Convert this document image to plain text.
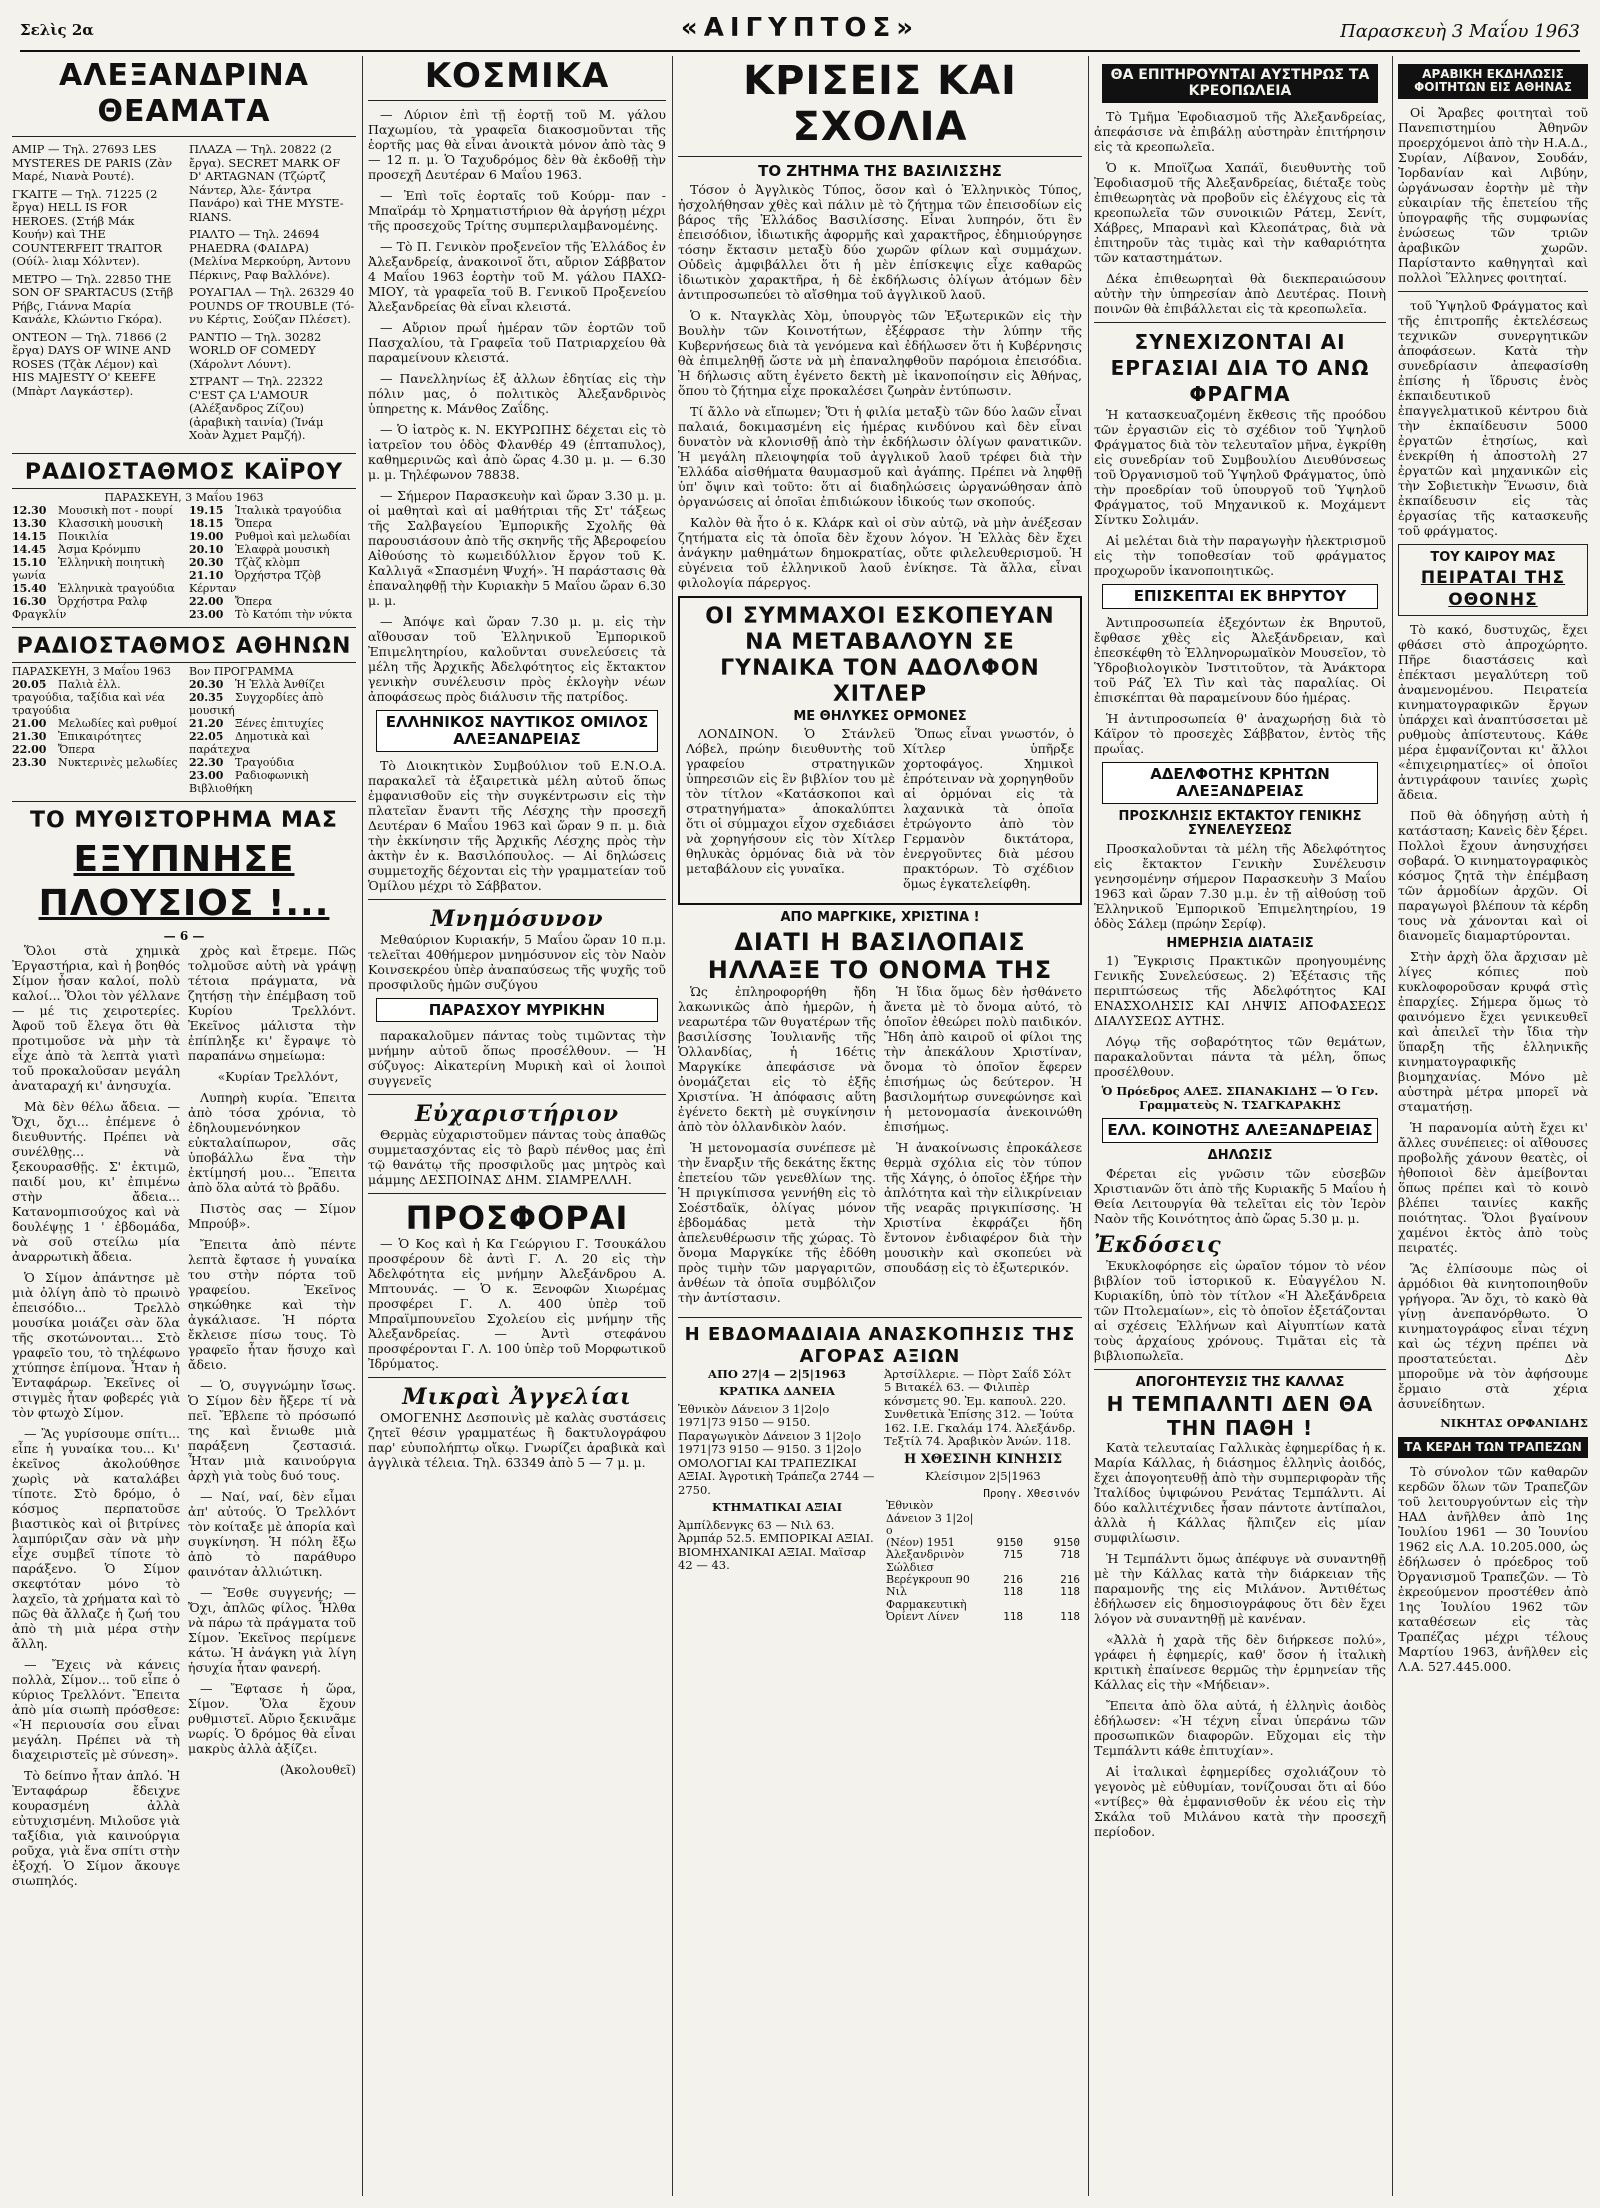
Σελὶς 2α	«ΑΙΓΥΠΤΟΣ»	Παρασκευὴ 3 Μαΐου 1963
ΑΛΕΞΑΝΔΡΙΝΑ ΘΕΑΜΑΤΑ

ΑΜΙΡ — Τηλ. 27693 LES MYSTERES DE PARIS (Ζὰν Μαρέ, Νιανὰ Ρουτέ).

ΓΚΑΙΤΕ — Τηλ. 71225 (2 ἔργα) HELL IS FOR HEROES. (Στήβ Μάκ Κουήν) καὶ THE COUNTERFEIT TRAITOR (Ούίλ- λιαμ Χόλντεν).

ΜΕΤΡΟ — Τηλ. 22850 THE SON OF SPARTACUS (Στῆβ Ρήβς, Γιάννα Μαρία Κανάλε, Κλώντιο Γκόρα).

ΟΝΤΕΟΝ — Τηλ. 71866 (2 ἔργα) DAYS OF WINE AND ROSES (Τζὰκ Λέμον) καὶ HIS MAJESTY O' KEEFE (Μπὰρτ Λαγκάστερ).

ΠΛΑΖΑ — Τηλ. 20822 (2 ἔργα). SECRET MARK OF D' ARTAGNAN (Τζώρτζ Νάντερ, Ἀλε- ξάντρα Πανάρο) καὶ THE MYSTE- RIANS.

ΡΙΑΛΤΟ — Τηλ. 24694 PHAEDRA (ΦΑΙΔΡΑ) (Μελίνα Μερκούρη, Ἀντονυ Πέρκινς, Ραφ Βαλλόνε).

ΡΟΥΑΓΙΑΛ — Τηλ. 26329 40 POUNDS OF TROUBLE (Τό- νυ Κέρτις, Σούζαν Πλέσετ).

ΡΑΝΤΙΟ — Τηλ. 30282 WORLD OF COMEDY (Χάρολντ Λόυντ).

ΣΤΡΑΝΤ — Τηλ. 22322 C'EST ÇA L'AMOUR (Αλέξανδρος Ζίζου) (ἀραβικὴ ταινία) (Ἰνάμ Χοὰν Ἀχμετ Ραμζή).

ΡΑΔΙΟΣΤΑΘΜΟΣ ΚΑΪΡΟΥ
ΠΑΡΑΣΚΕΥΗ, 3 Μαΐου 1963
12.30 Μουσικὴ ποτ - πουρί
13.30 Κλασσικὴ μουσικὴ
14.15 Ποικιλία
14.45 Ἀσμα Κρόνμπυ
15.10 Ἑλληνικὴ ποιητικὴ γωνία
15.40 Ἑλληνικὰ τραγούδια
16.30 Ὀρχήστρα Ραλφ Φραγκλίν
19.15 Ἰταλικὰ τραγούδια
18.15 Ὄπερα
19.00 Ρυθμοὶ καὶ μελωδίαι
20.10 Ἐλαφρὰ μουσικὴ
20.30 Τζὰζ κλὸμπ
21.10 Ὀρχήστρα Τζὸβ Κέρνταν
22.00 Ὄπερα
23.00 Τὸ Κατόπι τὴν νύκτα
ΡΑΔΙΟΣΤΑΘΜΟΣ ΑΘΗΝΩΝ
ΠΑΡΑΣΚΕΥΗ, 3 Μαΐου 1963	Βον ΠΡΟΓΡΑΜΜΑ
20.05 Παλιὰ ἑλλ. τραγούδια, ταξίδια καὶ νέα τραγούδια
21.00 Μελωδίες καὶ ρυθμοί
21.30 Ἐπικαιρότητες
22.00 Ὄπερα
23.30 Νυκτερινὲς μελωδίες
20.30 Ἡ Ἑλλὰ Ἀνθίζει
20.35 Συγχορδίες ἀπὸ μουσική
21.20 Ξένες ἐπιτυχίες
22.05 Δημοτικὰ καὶ παράτεχνα
22.30 Τραγούδια
23.00 Ραδιοφωνικὴ Βιβλιοθήκη
ΤΟ ΜΥΘΙΣΤΟΡΗΜΑ ΜΑΣ
ΕΞΥΠΝΗΣΕ ΠΛΟΥΣΙΟΣ !...
— 6 —

Ὅλοι στὰ χημικὰ Ἐργαστήρια, καὶ ἡ βοηθός Σίμον ἦσαν καλοί, πολὺ καλοί... Ὅλοι τὸν γέλλανε — μέ τις χειροτερίες. Ἀφοῦ τοῦ ἔλεγα ὅτι θὰ προτιμοῦσε νὰ μὴν τὰ εἶχε ἀπὸ τὰ λεπτὰ γιατὶ τοῦ προκαλοῦσαν μεγάλη ἀναταραχή κι' ἀνησυχία.

Μὰ δὲν θέλω ἄδεια. — Ὄχι, ὄχι... ἐπέμενε ὁ διευθυντής. Πρέπει νὰ συνέλθῃς... νὰ ξεκουρασθῇς. Σ' ἐκτιμῶ, παιδί μου, κι' ἐπιμένω στὴν ἄδεια... Κατανομπισούχος καὶ νὰ δουλέψῃς 1 ' ἐβδομάδα, νὰ σοῦ στείλω μία ἀναρρωτικὴ ἄδεια.

Ὁ Σίμον ἀπάντησε μὲ μιὰ ὀλίγη ἀπὸ τὸ πρωινὸ ἐπεισόδιο... Τρελλὸ μουσίκα μοιάζει σὰν ὅλα τῆς σκοτώνονται... Στὸ γραφεῖο του, τὸ τηλέφωνο χτύπησε ἐπίμονα. Ἦταν ἡ Ἐνταφάρωρ. Ἐκεῖνες οἱ στιγμὲς ἦταν φοβερές γιὰ τὸν φτωχὸ Σίμον.

— Ἂς γυρίσουμε σπίτι... εἶπε ἡ γυναίκα του... Κι' ἐκεῖνος ἀκολούθησε χωρὶς νὰ καταλάβει τίποτε. Στὸ δρόμο, ὁ κόσμος περπατοῦσε βιαστικὸς καὶ οἱ βιτρίνες λαμπύριζαν σὰν νὰ μὴν εἶχε συμβεῖ τίποτε τὸ παράξενο. Ὁ Σίμον σκεφτόταν μόνο τὸ λαχεῖο, τὰ χρήματα καὶ τὸ πῶς θὰ ἄλλαζε ἡ ζωή του ἀπὸ τὴ μιὰ μέρα στὴν ἄλλη.

— Ἔχεις νὰ κάνεις πολλὰ, Σίμον... τοῦ εἶπε ὁ κύριος Τρελλόντ. Ἔπειτα ἀπὸ μία σιωπὴ πρόσθεσε: «Ἡ περιουσία σου εἶναι μεγάλη. Πρέπει νὰ τὴ διαχειριστεῖς μὲ σύνεση».

Τὸ δείπνο ἦταν ἀπλό. Ἡ Ἐνταφάρωρ ἔδειχνε κουρασμένη ἀλλὰ εὐτυχισμένη. Μιλοῦσε γιὰ ταξίδια, γιὰ καινούργια ροῦχα, γιὰ ἕνα σπίτι στὴν ἐξοχή. Ὁ Σίμον ἄκουγε σιωπηλός.

χρὸς καὶ ἔτρεμε. Πῶς τολμοῦσε αὐτὴ νὰ γράψῃ τέτοια πράγματα, νὰ ζητήσῃ τὴν ἐπέμβαση τοῦ Κυρίου Τρελλόντ. Ἐκεῖνος μάλιστα τὴν ἐπίπληξε κι' ἔγραψε τὸ παραπάνω σημείωμα:

«Κυρίαν Τρελλόντ,

Λυπηρὴ κυρία. Ἔπειτα ἀπὸ τόσα χρόνια, τὸ ἐδηλουμενόνηκον εὐκταλαίπωρον, σᾶς ὑποβάλλω ἕνα τὴν ἐκτίμησή μου... Ἔπειτα ἀπὸ ὅλα αὐτά τὸ βρᾶδυ.

Πιστὸς σας — Σίμον Μπρούβ».

Ἔπειτα ἀπὸ πέντε λεπτὰ ἔφτασε ἡ γυναίκα του στὴν πόρτα τοῦ γραφείου. Ἐκεῖνος σηκώθηκε καὶ τὴν ἀγκάλιασε. Ἡ πόρτα ἔκλεισε πίσω τους. Τὸ γραφεῖο ἦταν ἥσυχο καὶ ἄδειο.

— Ὁ, συγγνώμην ἴσως. Ὁ Σίμον δὲν ἤξερε τί νὰ πεῖ. Ἔβλεπε τὸ πρόσωπό της καὶ ἔνιωθε μιὰ παράξενη ζεστασιά. Ἦταν μιὰ καινούργια ἀρχὴ γιὰ τοὺς δυό τους.

— Ναί, ναί, δὲν εἶμαι ἀπ' αὐτούς. Ὁ Τρελλόντ τὸν κοίταξε μὲ ἀπορία καὶ συγκίνηση. Ἡ πόλη ἔξω ἀπὸ τὸ παράθυρο φαινόταν ἀλλιώτικη.

— Ἔσθε συγγενής; — Ὄχι, ἀπλῶς φίλος. Ἦλθα νὰ πάρω τὰ πράγματα τοῦ Σίμον. Ἐκεῖνος περίμενε κάτω. Ἡ ἀνάγκη γιὰ λίγη ἡσυχία ἦταν φανερή.

— Ἔφτασε ἡ ὥρα, Σίμον. Ὅλα ἔχουν ρυθμιστεῖ. Αὔριο ξεκινᾶμε νωρίς. Ὁ δρόμος θὰ εἶναι μακρὺς ἀλλὰ ἀξίζει.

(Ἀκολουθεῖ)

ΚΟΣΜΙΚΑ

— Λύριον ἐπὶ τῇ ἑορτῇ τοῦ Μ. γάλου Παχωμίου, τὰ γραφεῖα διακοσμοῦνται τῆς ἑορτῆς μας θὰ εἶναι ἀνοικτὰ μόνον ἀπὸ τὰς 9 — 12 π. μ. Ὁ Ταχυδρόμος δὲν θὰ ἐκδοθῇ τὴν προσεχῆ Δευτέραν 6 Μαΐου 1963.

— Ἐπὶ τοῖς ἑορταῖς τοῦ Κούρμ- παν - Μπαϊράμ τὸ Χρηματιστήριον θὰ ἀργήσῃ μέχρι τῆς προσεχοῦς Τρίτης συμπεριλαμβανομένης.

— Τὸ Π. Γενικὸν προξενεῖον τῆς Ἑλλάδος ἐν Ἀλεξανδρείᾳ, ἀνακοινοῖ ὅτι, αὔριον Σάββατον 4 Μαΐου 1963 ἑορτὴν τοῦ Μ. γάλου ΠΑΧΩ- ΜΙΟΥ, τὰ γραφεῖα τοῦ Β. Γενικοῦ Προξενείου Ἀλεξανδρείας θὰ εἶναι κλειστά.

— Αὔριον πρωΐ ἡμέραν τῶν ἑορτῶν τοῦ Πασχαλίου, τὰ Γραφεῖα τοῦ Πατριαρχείου θὰ παραμείνουν κλειστά.

— Πανελληνίως ἐξ ἀλλων ἐδητίας εἰς τὴν πόλιν μας, ὁ πολιτικὸς Ἀλεξανδρινὸς ὑπηρετης κ. Μάνθος Ζαΐδης.

— Ὁ ἰατρὸς κ. Ν. ΕΚΥΡΩΠΗΣ δέχεται εἰς τὸ ἰατρεῖον του ὁδὸς Φλανθέρ 49 (ἑπταπυλος), καθημερινῶς καὶ ἀπὸ ὥρας 4.30 μ. μ. — 6.30 μ. μ. Τηλέφωνον 78838.

— Σήμερον Παρασκευὴν καὶ ὥραν 3.30 μ. μ. οἱ μαθηταὶ καὶ αἱ μαθήτριαι τῆς Στ' τάξεως τῆς Σαλβαγείου Ἐμπορικῆς Σχολῆς θὰ παρουσιάσουν ἀπὸ τῆς σκηνῆς τῆς Ἀβεροφείου Αἰθούσης τὸ κωμειδύλλιον ἔργον τοῦ Κ. Καλλιγᾶ «Σπασμένη Ψυχή». Ἡ παράστασις θὰ ἐπαναληφθῇ τὴν Κυριακὴν 5 Μαΐου ὥραν 6.30 μ. μ.

— Ἀπόψε καὶ ὥραν 7.30 μ. μ. εἰς τὴν αἴθουσαν τοῦ Ἑλληνικοῦ Ἐμπορικοῦ Ἐπιμελητηρίου, καλοῦνται συνελεύσεις τὰ μέλη τῆς Ἀρχικῆς Ἀδελφότητος εἰς ἔκτακτον γενικὴν συνέλευσιν πρὸς ἐκλογὴν νέων ἀποφάσεως πρὸς διάλυσιν τῆς πατρίδος.

ΕΛΛΗΝΙΚΟΣ ΝΑΥΤΙΚΟΣ ΟΜΙΛΟΣ ΑΛΕΞΑΝΔΡΕΙΑΣ

Τὸ Διοικητικὸν Συμβούλιον τοῦ Ε.Ν.Ο.Α. παρακαλεῖ τὰ ἐξαιρετικὰ μέλη αὐτοῦ ὅπως ἐμφανισθοῦν εἰς τὴν συγκέντρωσιν εἰς τὴν πλατεῖαν ἔναντι τῆς Λέσχης τὴν προσεχῆ Δευτέραν 6 Μαΐου 1963 καὶ ὥραν 9 π. μ. διὰ τὴν ἐκκίνησιν τῆς Ἀρχικῆς Λέσχης πρὸς τὴν ἀκτὴν ἐν κ. Βασιλόπουλος. — Αἱ δηλώσεις συμμετοχῆς δέχονται εἰς τὴν γραμματείαν τοῦ Ὁμίλου μέχρι τὸ Σάββατον.

Μνημόσυνον

Μεθαύριον Κυριακήν, 5 Μαΐου ὥραν 10 π.μ. τελεῖται 40θήμερον μνημόσυνον εἰς τὸν Ναὸν Κοινσεκρέου ὑπὲρ ἀναπαύσεως τῆς ψυχῆς τοῦ προσφιλοῦς ἡμῶν συζύγου

ΠΑΡΑΣΧΟΥ ΜΥΡΙΚΗΝ

παρακαλοῦμεν πάντας τοὺς τιμῶντας τὴν μνήμην αὐτοῦ ὅπως προσέλθουν. — Ἡ σύζυγος: Αἰκατερίνη Μυρικὴ καὶ οἱ λοιποὶ συγγενεῖς

Εὐχαριστήριον

Θερμὰς εὐχαριστοῦμεν πάντας τοὺς ἀπαθῶς συμμετασχόντας εἰς τὸ βαρὺ πένθος μας ἐπὶ τῷ θανάτῳ τῆς προσφιλοῦς μας μητρὸς καὶ μάμμης ΔΕΣΠΟΙΝΑΣ ΔΗΜ. ΣΙΑΜΡΕΛΛΗ.

ΠΡΟΣΦΟΡΑΙ

— Ὁ Κος καὶ ἡ Κα Γεώργιου Γ. Τσουκάλου προσφέρουν δὲ ἀντὶ Γ. Λ. 20 εἰς τὴν Ἀδελφότητα εἰς μνήμην Ἀλεξάνδρου Α. Μπτουνάς. — Ὁ κ. Ξενοφῶν Χιωρέμας προσφέρει Γ. Λ. 400 ὑπὲρ τοῦ Μπραϊμπουνεῖου Σχολείου εἰς μνήμην τῆς Ἀλεξανδρείας. — Ἀντὶ στεφάνου προσφέρονται Γ. Λ. 100 ὑπὲρ τοῦ Μορφωτικοῦ Ἰδρύματος.

Μικραὶ Ἀγγελίαι

ΟΜΟΓΕΝΗΣ Δεσποινὶς μὲ καλὰς συστάσεις ζητεῖ θέσιν γραμματέως ἢ δακτυλογράφου παρ' εὐυπολήπτῳ οἴκῳ. Γνωρίζει ἀραβικὰ καὶ ἀγγλικὰ τέλεια. Τηλ. 63349 ἀπὸ 5 — 7 μ. μ.

ΚΡΙΣΕΙΣ ΚΑΙ ΣΧΟΛΙΑ
ΤΟ ΖΗΤΗΜΑ ΤΗΣ ΒΑΣΙΛΙΣΣΗΣ

Τόσον ὁ Ἀγγλικὸς Τύπος, ὅσον καὶ ὁ Ἑλληνικὸς Τύπος, ἠσχολήθησαν χθὲς καὶ πάλιν μὲ τὸ ζήτημα τῶν ἐπεισοδίων εἰς βάρος τῆς Ἑλλάδος Βασιλίσσης. Εἶναι λυπηρόν, ὅτι ἓν ἐπεισόδιον, ἰδιωτικῆς ἀφορμῆς καὶ χαρακτῆρος, ἐδημιούργησε τόσην ἔκτασιν μεταξὺ δύο χωρῶν φίλων καὶ συμμάχων. Οὐδεὶς ἀμφιβάλλει ὅτι ἡ μὲν ἐπίσκεψις εἶχε καθαρῶς ἰδιωτικὸν χαρακτῆρα, ἡ δὲ ἐκδήλωσις ὀλίγων ἀτόμων δὲν ἀντιπροσωπεύει τὸ αἴσθημα τοῦ ἀγγλικοῦ λαοῦ.

Ὁ κ. Νταγκλὰς Χὸμ, ὑπουργὸς τῶν Ἐξωτερικῶν εἰς τὴν Βουλὴν τῶν Κοινοτήτων, ἐξέφρασε τὴν λύπην τῆς Κυβερνήσεως διὰ τὰ γενόμενα καὶ ἐδήλωσεν ὅτι ἡ Κυβέρνησις θὰ ἐπιμεληθῇ ὥστε νὰ μὴ ἐπαναληφθοῦν παρόμοια ἐπεισόδια. Ἡ δήλωσις αὕτη ἐγένετο δεκτὴ μὲ ἱκανοποίησιν εἰς Ἀθήνας, ὅπου τὸ ζήτημα εἶχε προκαλέσει ζωηρὰν ἐντύπωσιν.

Τί ἄλλο νὰ εἴπωμεν; Ὅτι ἡ φιλία μεταξὺ τῶν δύο λαῶν εἶναι παλαιά, δοκιμασμένη εἰς ἡμέρας κινδύνου καὶ δὲν εἶναι δυνατὸν νὰ κλονισθῇ ἀπὸ τὴν ἐκδήλωσιν ὀλίγων φανατικῶν. Ἡ μεγάλη πλειοψηφία τοῦ ἀγγλικοῦ λαοῦ τρέφει διὰ τὴν Ἑλλάδα αἰσθήματα θαυμασμοῦ καὶ ἀγάπης. Πρέπει νὰ ληφθῇ ὑπ' ὄψιν καὶ τοῦτο: ὅτι αἱ διαδηλώσεις ὠργανώθησαν ἀπὸ ὀργανώσεις αἱ ὁποῖαι ἐπιδιώκουν ἰδικούς των σκοπούς.

Καλὸν θὰ ἦτο ὁ κ. Κλάρκ καὶ οἱ σὺν αὐτῷ, νὰ μὴν ἀνέξεσαν ζητήματα εἰς τὰ ὁποῖα δὲν ἔχουν λόγον. Ἡ Ἑλλὰς δὲν ἔχει ἀνάγκην μαθημάτων δημοκρατίας, οὔτε φιλελευθερισμοῦ. Ἡ εὐγένεια τοῦ ἑλληνικοῦ λαοῦ ἐνίκησε. Τὰ ἄλλα, εἶναι φιλολογία πάρεργος.

ΟΙ ΣΥΜΜΑΧΟΙ ΕΣΚΟΠΕΥΑΝ ΝΑ ΜΕΤΑΒΑΛΟΥΝ ΣΕ ΓΥΝΑΙΚΑ ΤΟΝ ΑΔΟΛΦΟΝ ΧΙΤΛΕΡ
ΜΕ ΘΗΛΥΚΕΣ ΟΡΜΟΝΕΣ

ΛΟΝΔΙΝΟΝ. Ὁ Στάνλεϋ Λόβελ, πρώην διευθυντὴς τοῦ γραφείου στρατηγικῶν ὑπηρεσιῶν εἰς ἓν βιβλίον του μὲ τὸν τίτλον «Κατάσκοποι καὶ στρατηγήματα» ἀποκαλύπτει ὅτι οἱ σύμμαχοι εἶχον σχεδιάσει νὰ χορηγήσουν εἰς τὸν Χίτλερ θηλυκὰς ὁρμόνας διὰ νὰ τὸν μεταβάλουν εἰς γυναῖκα.

Ὅπως εἶναι γνωστόν, ὁ Χίτλερ ὑπῆρξε χορτοφάγος. Χημικοὶ ἐπρότειναν νὰ χορηγηθοῦν αἱ ὁρμόναι εἰς τὰ λαχανικὰ τὰ ὁποῖα ἐτρώγοντο ἀπὸ τὸν Γερμανὸν δικτάτορα, ἐνεργοῦντες διὰ μέσου πρακτόρων. Τὸ σχέδιον ὅμως ἐγκατελείφθη.

ΑΠΟ ΜΑΡΓΚΙΚΕ, ΧΡΙΣΤΙΝΑ !
ΔΙΑΤΙ Η ΒΑΣΙΛΟΠΑΙΣ ΗΛΛΑΞΕ ΤΟ ΟΝΟΜΑ ΤΗΣ

Ὡς ἐπληροφορήθη ἤδη λακωνικῶς ἀπὸ ἡμερῶν, ἡ νεαρωτέρα τῶν θυγατέρων τῆς βασιλίσσης Ἰουλιανῆς τῆς Ὁλλανδίας, ἡ 16έτις Μαργκίκε ἀπεφάσισε νὰ ὀνομάζεται εἰς τὸ ἑξῆς Χριστίνα. Ἡ ἀπόφασις αὕτη ἐγένετο δεκτὴ μὲ συγκίνησιν ἀπὸ τὸν ὁλλανδικὸν λαόν.

Ἡ μετονομασία συνέπεσε μὲ τὴν ἔναρξιν τῆς δεκάτης ἕκτης ἐπετείου τῶν γενεθλίων της. Ἡ πριγκίπισσα γεννήθη εἰς τὸ Σοέστδαϊκ, ὀλίγας μόνον ἑβδομάδας μετὰ τὴν ἀπελευθέρωσιν τῆς χώρας. Τὸ ὄνομα Μαργκίκε τῆς ἐδόθη πρὸς τιμὴν τῶν μαργαριτῶν, ἀνθέων τὰ ὁποῖα συμβόλιζον τὴν ἀντίστασιν.

Ἡ ἴδια ὅμως δὲν ἠσθάνετο ἄνετα μὲ τὸ ὄνομα αὐτό, τὸ ὁποῖον ἐθεώρει πολὺ παιδικόν. Ἤδη ἀπὸ καιροῦ οἱ φίλοι της τὴν ἀπεκάλουν Χριστίναν, ὄνομα τὸ ὁποῖον ἔφερεν ἐπισήμως ὡς δεύτερον. Ἡ βασιλομήτωρ συνεφώνησε καὶ ἡ μετονομασία ἀνεκοινώθη ἐπισήμως.

Ἡ ἀνακοίνωσις ἐπροκάλεσε θερμὰ σχόλια εἰς τὸν τύπον τῆς Χάγης, ὁ ὁποῖος ἐξήρε τὴν ἀπλότητα καὶ τὴν εἰλικρίνειαν τῆς νεαρᾶς πριγκιπίσσης. Ἡ Χριστίνα ἐκφράζει ἤδη ἔντονον ἐνδιαφέρον διὰ τὴν μουσικὴν καὶ σκοπεύει νὰ σπουδάσῃ εἰς τὸ ἐξωτερικόν.

Η ΕΒΔΟΜΑΔΙΑΙΑ ΑΝΑΣΚΟΠΗΣΙΣ ΤΗΣ ΑΓΟΡΑΣ ΑΞΙΩΝ
ΑΠΟ 27|4 — 2|5|1963
ΚΡΑΤΙΚΑ ΔΑΝΕΙΑ

Ἐθνικὸν Δάνειον 3 1|2ο|ο 1971|73 9150 — 9150. Παραγωγικὸν Δάνειον 3 1|2ο|ο 1971|73 9150 — 9150. 3 1|2ο|ο ΟΜΟΛΟΓΙΑΙ ΚΑΙ ΤΡΑΠΕΖΙΚΑΙ ΑΞΙΑΙ. Ἀγροτικὴ Τράπεζα 2744 — 2750.

ΚΤΗΜΑΤΙΚΑΙ ΑΞΙΑΙ

Ἀμπίλδενγκς 63 — Νιλ 63. Ἀρμπάρ 52.5. ΕΜΠΟΡΙΚΑΙ ΑΞΙΑΙ. ΒΙΟΜΗΧΑΝΙΚΑΙ ΑΞΙΑΙ. Μαϊσαρ 42 — 43.

Ἀρτσίλλεριε. — Πὸρτ Σαΐδ Σόλτ 5 Βιτακέλ 63. — Φιλιπὲρ κόνσμετς 90. Ἐμ. καπουλ. 220. Συνθετικὰ Ἐπίσης 312. — Ἰούτα 162. Ι.Ε. Γκαλάμ 174. Ἀλεξάνδρ. Τεξτίλ 74. Ἀραβικὸν Ἀνών. 118.

Η ΧΘΕΣΙΝΗ ΚΙΝΗΣΙΣ
Κλείσιμον 2|5|1963
	Προηγ.	Χθεσινόν
Ἐθνικὸν Δάνειον 3 1|2ο|ο		
(Νέον) 1951	9150	9150
Ἀλεξανδρινὸν Σώλδιεσ	715	718
Βερέγκρουπ 90	216	216
Νιλ Φαρμακευτικὴ	118	118
Ὀρίεντ Λίνεν	118	118
ΘΑ ΕΠΙΤΗΡΟΥΝΤΑΙ ΑΥΣΤΗΡΩΣ ΤΑ ΚΡΕΟΠΩΛΕΙΑ

Τὸ Τμῆμα Ἐφοδιασμοῦ τῆς Ἀλεξανδρείας, ἀπεφάσισε νὰ ἐπιβάλῃ αὐστηρὰν ἐπιτήρησιν εἰς τὰ κρεοπωλεῖα.

Ὁ κ. Μποϊζωα Χαπάϊ, διευθυντὴς τοῦ Ἐφοδιασμοῦ τῆς Ἀλεξανδρείας, διέταξε τοὺς ἐπιθεωρητὰς νὰ προβοῦν εἰς ἐλέγχους εἰς τὰ κρεοπωλεῖα τῶν συνοικιῶν Ράτεμ, Σενίτ, Χάβρες, Μπαρανὶ καὶ Κλεοπάτρας, διὰ νὰ ἐπιτηροῦν τὰς τιμὰς καὶ τὴν καθαριότητα τῶν καταστημάτων.

Δέκα ἐπιθεωρηταὶ θὰ διεκπεραιώσουν αὐτὴν τὴν ὑπηρεσίαν ἀπὸ Δευτέρας. Ποινὴ ποινῶν θὰ ἐπιβάλλεται εἰς τὰ κρεοπωλεῖα.

ΣΥΝΕΧΙΖΟΝΤΑΙ ΑΙ ΕΡΓΑΣΙΑΙ ΔΙΑ ΤΟ ΑΝΩ ΦΡΑΓΜΑ

Ἡ κατασκευαζομένη ἔκθεσις τῆς προόδου τῶν ἐργασιῶν εἰς τὸ σχέδιον τοῦ Ὑψηλοῦ Φράγματος διὰ τὸν τελευταῖον μῆνα, ἐγκρίθη εἰς συνεδρίαν τοῦ Συμβουλίου Διευθύνσεως τοῦ Ὀργανισμοῦ τοῦ Ὑψηλοῦ Φράγματος, ὑπὸ τὴν προεδρίαν τοῦ ὑπουργοῦ τοῦ Ὑψηλοῦ Φράγματος, τοῦ Μηχανικοῦ κ. Μοχάμεντ Σίντκυ Σολιμάν.

Αἱ μελέται διὰ τὴν παραγωγὴν ἠλεκτρισμοῦ εἰς τὴν τοποθεσίαν τοῦ φράγματος προχωροῦν ἱκανοποιητικῶς.

ΕΠΙΣΚΕΠΤΑΙ ΕΚ ΒΗΡΥΤΟΥ

Ἀντιπροσωπεία ἐξεχόντων ἐκ Βηρυτοῦ, ἔφθασε χθὲς εἰς Ἀλεξάνδρειαν, καὶ ἐπεσκέφθη τὸ Ἑλληνορωμαϊκὸν Μουσεῖον, τὸ Ὑδροβιολογικὸν Ἰνστιτοῦτον, τὰ Ἀνάκτορα τοῦ Ράζ Ἐλ Τὶν καὶ τὰς παραλίας. Οἱ ἐπισκέπται θὰ παραμείνουν δύο ἡμέρας.

Ἡ ἀντιπροσωπεία θ' ἀναχωρήσῃ διὰ τὸ Κάϊρον τὸ προσεχὲς Σάββατον, ἐντὸς τῆς πρωΐας.

ΑΔΕΛΦΟΤΗΣ ΚΡΗΤΩΝ ΑΛΕΞΑΝΔΡΕΙΑΣ
ΠΡΟΣΚΛΗΣΙΣ ΕΚΤΑΚΤΟΥ ΓΕΝΙΚΗΣ ΣΥΝΕΛΕΥΣΕΩΣ

Προσκαλοῦνται τὰ μέλη τῆς Ἀδελφότητος εἰς ἔκτακτον Γενικὴν Συνέλευσιν γενησομένην σήμερον Παρασκευὴν 3 Μαΐου 1963 καὶ ὥραν 7.30 μ.μ. ἐν τῇ αἰθούσῃ τοῦ Ἑλληνικοῦ Ἐμπορικοῦ Ἐπιμελητηρίου, 19 ὁδὸς Σάλεμ (πρώην Σερίφ).

ΗΜΕΡΗΣΙΑ ΔΙΑΤΑΞΙΣ

1) Ἔγκρισις Πρακτικῶν προηγουμένης Γενικῆς Συνελεύσεως. 2) Ἐξέτασις τῆς περιπτώσεως τῆς Ἀδελφότητος ΚΑΙ ΕΝΑΣΧΟΛΗΣΙΣ ΚΑΙ ΛΗΨΙΣ ΑΠΟΦΑΣΕΩΣ ΔΙΑΛΥΣΕΩΣ ΑΥΤΗΣ.

Λόγῳ τῆς σοβαρότητος τῶν θεμάτων, παρακαλοῦνται πάντα τὰ μέλη, ὅπως προσέλθουν.

Ὁ Πρόεδρος ΑΛΕΞ. ΣΠΑΝΑΚΙΔΗΣ — Ὁ Γεν. Γραμματεὺς Ν. ΤΣΑΓΚΑΡΑΚΗΣ

ΕΛΛ. ΚΟΙΝΟΤΗΣ ΑΛΕΞΑΝΔΡΕΙΑΣ
ΔΗΛΩΣΙΣ

Φέρεται εἰς γνῶσιν τῶν εὐσεβῶν Χριστιανῶν ὅτι ἀπὸ τῆς Κυριακῆς 5 Μαΐου ἡ Θεία Λειτουργία θὰ τελεῖται εἰς τὸν Ἱερὸν Ναὸν τῆς Κοινότητος ἀπὸ ὥρας 5.30 μ. μ.

Ἐκδόσεις

Ἐκυκλοφόρησε εἰς ὡραῖον τόμον τὸ νέον βιβλίον τοῦ ἱστορικοῦ κ. Εὐαγγέλου Ν. Κυριακίδη, ὑπὸ τὸν τίτλον «Ἡ Ἀλεξάνδρεια τῶν Πτολεμαίων», εἰς τὸ ὁποῖον ἐξετάζονται αἱ σχέσεις Ἑλλήνων καὶ Αἰγυπτίων κατὰ τοὺς ἀρχαίους χρόνους. Τιμᾶται εἰς τὰ βιβλιοπωλεῖα.

ΑΠΟΓΟΗΤΕΥΣΙΣ ΤΗΣ ΚΑΛΛΑΣ
Η ΤΕΜΠΑΛΝΤΙ ΔΕΝ ΘΑ ΤΗΝ ΠΑΘΗ !

Κατὰ τελευταίας Γαλλικὰς ἐφημερίδας ἡ κ. Μαρία Κάλλας, ἡ διάσημος ἑλληνὶς ἀοιδός, ἔχει ἀπογοητευθῇ ἀπὸ τὴν συμπεριφορὰν τῆς Ἰταλίδος ὑψιφώνου Ρενάτας Τεμπάλντι. Αἱ δύο καλλιτέχνιδες ἦσαν πάντοτε ἀντίπαλοι, ἀλλὰ ἡ Κάλλας ἤλπιζεν εἰς μίαν συμφιλίωσιν.

Ἡ Τεμπάλντι ὅμως ἀπέφυγε νὰ συναντηθῇ μὲ τὴν Κάλλας κατὰ τὴν διάρκειαν τῆς παραμονῆς της εἰς Μιλάνον. Ἀντιθέτως ἐδήλωσεν εἰς δημοσιογράφους ὅτι δὲν ἔχει λόγον νὰ συναντηθῇ μὲ κανέναν.

«Ἀλλὰ ἡ χαρὰ τῆς δὲν διήρκεσε πολύ», γράφει ἡ ἐφημερίς, καθ' ὅσον ἡ ἰταλικὴ κριτικὴ ἐπαίνεσε θερμῶς τὴν ἑρμηνείαν τῆς Κάλλας εἰς τὴν «Μήδειαν».

Ἔπειτα ἀπὸ ὅλα αὐτά, ἡ ἑλληνὶς ἀοιδὸς ἐδήλωσεν: «Ἡ τέχνη εἶναι ὑπεράνω τῶν προσωπικῶν διαφορῶν. Εὔχομαι εἰς τὴν Τεμπάλντι κάθε ἐπιτυχίαν».

Αἱ ἰταλικαὶ ἐφημερίδες σχολιάζουν τὸ γεγονὸς μὲ εὐθυμίαν, τονίζουσαι ὅτι αἱ δύο «ντίβες» θὰ ἐμφανισθοῦν ἐκ νέου εἰς τὴν Σκάλα τοῦ Μιλάνου κατὰ τὴν προσεχῆ περίοδον.

ΑΡΑΒΙΚΗ ΕΚΔΗΛΩΣΙΣ ΦΟΙΤΗΤΩΝ ΕΙΣ ΑΘΗΝΑΣ

Οἱ Ἄραβες φοιτηταὶ τοῦ Πανεπιστημίου Ἀθηνῶν προερχόμενοι ἀπὸ τὴν Η.Α.Δ., Συρίαν, Λίβανον, Σουδάν, Ἰορδανίαν καὶ Λιβύην, ὠργάνωσαν ἑορτὴν μὲ τὴν εὐκαιρίαν τῆς ἐπετείου τῆς ὑπογραφῆς τῆς συμφωνίας ἑνώσεως τῶν τριῶν ἀραβικῶν χωρῶν. Παρίσταντο καθηγηταὶ καὶ πολλοὶ Ἕλληνες φοιτηταί.

τοῦ Ὑψηλοῦ Φράγματος καὶ τῆς ἐπιτροπῆς ἐκτελέσεως τεχνικῶν συνεργητικῶν ἀποφάσεων. Κατὰ τὴν συνεδρίασιν ἀπεφασίσθη ἐπίσης ἡ ἵδρυσις ἑνὸς ἐκπαιδευτικοῦ ἐπαγγελματικοῦ κέντρου διὰ τὴν ἐκπαίδευσιν 5000 ἐργατῶν ἐτησίως, καὶ ἐνεκρίθη ἡ ἀποστολὴ 27 ἐργατῶν καὶ μηχανικῶν εἰς τὴν Σοβιετικὴν Ἕνωσιν, διὰ ἐκπαίδευσιν εἰς τὰς ἐργασίας τῆς κατασκευῆς τοῦ φράγματος.

ΤΟΥ ΚΑΙΡΟΥ ΜΑΣ
ΠΕΙΡΑΤΑΙ ΤΗΣ ΟΘΟΝΗΣ

Τὸ κακό, δυστυχῶς, ἔχει φθάσει στὸ ἀπροχώρητο. Πῆρε διαστάσεις καὶ ἐπέκτασι μεγαλύτερη τοῦ ἀναμενομένου. Πειρατεία κινηματογραφικῶν ἔργων ὑπάρχει καὶ ἀναπτύσσεται μὲ ρυθμοὺς ἀπίστευτους. Κάθε μέρα ἐμφανίζονται κι' ἄλλοι «ἐπιχειρηματίες» οἱ ὁποῖοι ἀντιγράφουν ταινίες χωρὶς ἄδεια.

Ποῦ θὰ ὁδηγήσῃ αὐτὴ ἡ κατάσταση; Κανεὶς δὲν ξέρει. Πολλοὶ ἔχουν ἀνησυχήσει σοβαρά. Ὁ κινηματογραφικὸς κόσμος ζητᾶ τὴν ἐπέμβαση τῶν ἁρμοδίων ἀρχῶν. Οἱ παραγωγοὶ βλέπουν τὰ κέρδη τους νὰ χάνονται καὶ οἱ διανομεῖς διαμαρτύρονται.

Στὴν ἀρχὴ ὅλα ἄρχισαν μὲ λίγες κόπιες ποὺ κυκλοφοροῦσαν κρυφά στὶς ἐπαρχίες. Σήμερα ὅμως τὸ φαινόμενο ἔχει γενικευθεῖ καὶ ἀπειλεῖ τὴν ἴδια τὴν ὕπαρξη τῆς ἑλληνικῆς κινηματογραφικῆς βιομηχανίας. Μόνο μὲ αὐστηρὰ μέτρα μπορεῖ νὰ σταματήσῃ.

Ἡ παρανομία αὐτὴ ἔχει κι' ἄλλες συνέπειες: οἱ αἴθουσες προβολῆς χάνουν θεατὲς, οἱ ἠθοποιοὶ δὲν ἀμείβονται ὅπως πρέπει καὶ τὸ κοινὸ βλέπει ταινίες κακῆς ποιότητας. Ὅλοι βγαίνουν χαμένοι ἐκτὸς ἀπὸ τοὺς πειρατές.

Ἂς ἐλπίσουμε πὼς οἱ ἁρμόδιοι θὰ κινητοποιηθοῦν γρήγορα. Ἂν ὄχι, τὸ κακὸ θὰ γίνῃ ἀνεπανόρθωτο. Ὁ κινηματογράφος εἶναι τέχνη καὶ ὡς τέχνη πρέπει νὰ προστατεύεται. Δὲν μποροῦμε νὰ τὸν ἀφήσουμε ἔρμαιο στὰ χέρια ἀσυνείδητων.

ΝΙΚΗΤΑΣ ΟΡΦΑΝΙΔΗΣ

ΤΑ ΚΕΡΔΗ ΤΩΝ ΤΡΑΠΕΖΩΝ

Τὸ σύνολον τῶν καθαρῶν κερδῶν ὅλων τῶν Τραπεζῶν τοῦ λειτουργούντων εἰς τὴν ΗΑΔ ἀνῆλθεν ἀπὸ 1ης Ἰουλίου 1961 — 30 Ἰουνίου 1962 εἰς Λ.Α. 10.205.000, ὡς ἐδήλωσεν ὁ πρόεδρος τοῦ Ὀργανισμοῦ Τραπεζῶν. — Τὸ ἐκρεούμενον προστέθεν ἀπὸ 1ης Ἰουλίου 1962 τῶν καταθέσεων εἰς τὰς Τραπέζας μέχρι τέλους Μαρτίου 1963, ἀνῆλθεν εἰς Λ.Α. 527.445.000.
